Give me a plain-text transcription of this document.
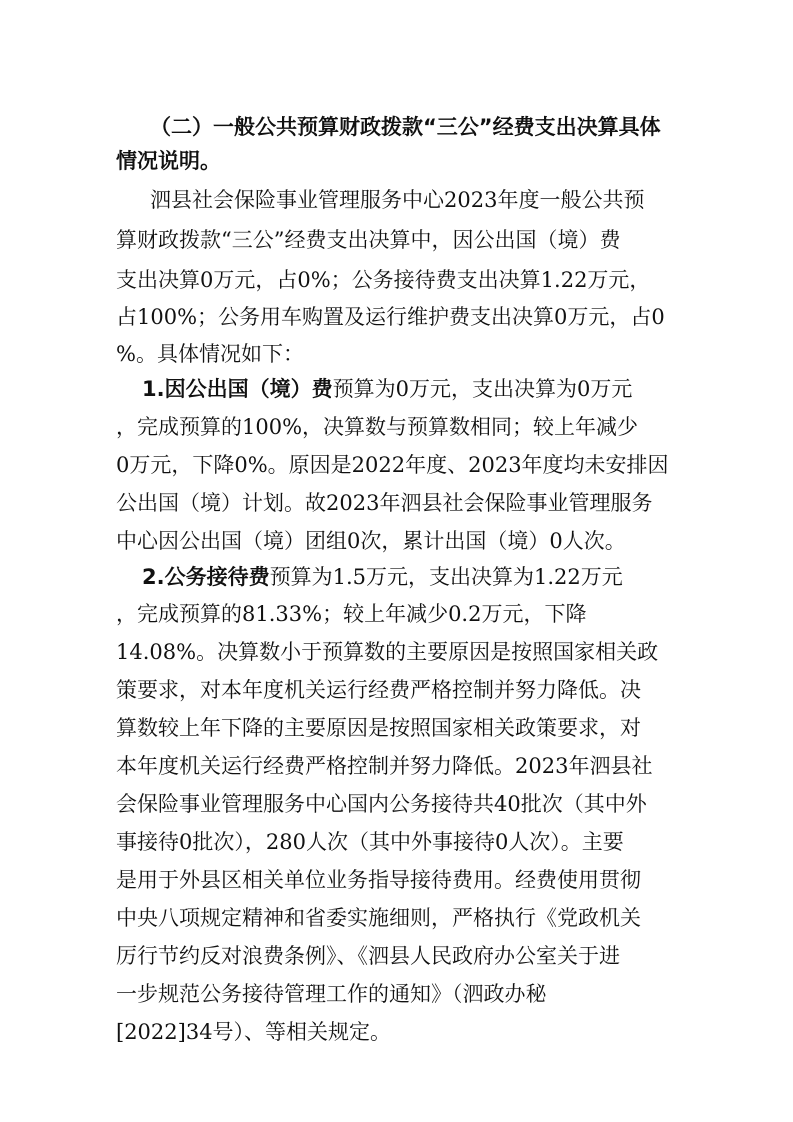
（二）一般公共预算财政拨款“三公”经费支出决算具体
情况说明。
泗县社会保险事业管理服务中心2023年度一般公共预
算财政拨款“三公”经费支出决算中，因公出国（境）费
支出决算0万元，占0%；公务接待费支出决算1.22万元，
占100%；公务用车购置及运行维护费支出决算0万元，占0
%。具体情况如下：
1.因公出国（境）费预算为0万元，支出决算为0万元
，完成预算的100%，决算数与预算数相同；较上年减少
0万元，下降0%。原因是2022年度、2023年度均未安排因
公出国（境）计划。故2023年泗县社会保险事业管理服务
中心因公出国（境）团组0次，累计出国（境）0人次。
2.公务接待费预算为1.5万元，支出决算为1.22万元
，完成预算的81.33%；较上年减少0.2万元，下降
14.08%。决算数小于预算数的主要原因是按照国家相关政
策要求，对本年度机关运行经费严格控制并努力降低。决
算数较上年下降的主要原因是按照国家相关政策要求，对
本年度机关运行经费严格控制并努力降低。2023年泗县社
会保险事业管理服务中心国内公务接待共40批次（其中外
事接待0批次），280人次（其中外事接待0人次）。主要
是用于外县区相关单位业务指导接待费用。经费使用贯彻
中央八项规定精神和省委实施细则，严格执行《党政机关
厉行节约反对浪费条例》、《泗县人民政府办公室关于进
一步规范公务接待管理工作的通知》（泗政办秘
[2022]34号）、等相关规定。
